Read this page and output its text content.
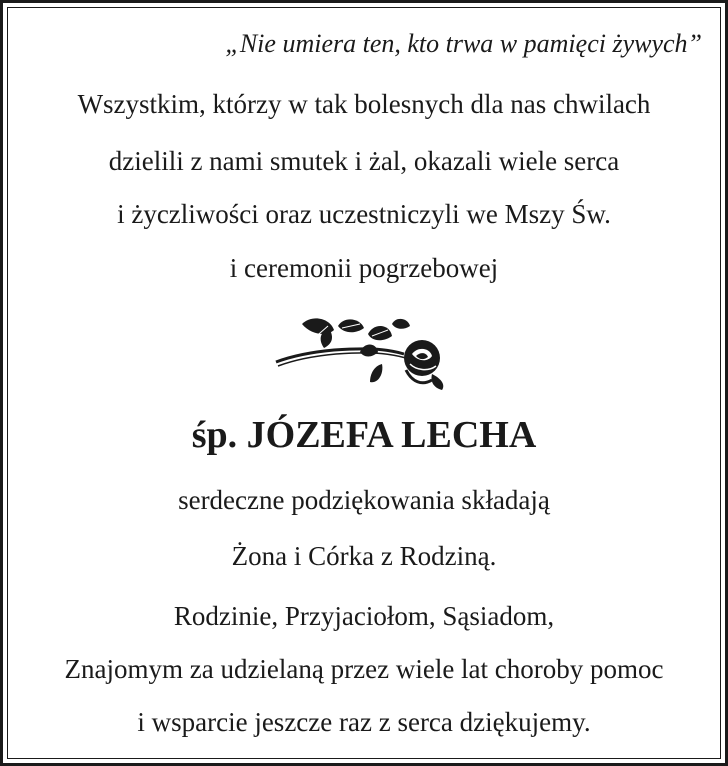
„Nie umiera ten, kto trwa w pamięci żywych”
Wszystkim, którzy w tak bolesnych dla nas chwilach
dzielili z nami smutek i żal, okazali wiele serca
i życzliwości oraz uczestniczyli we Mszy Św.
i ceremonii pogrzebowej
śp. JÓZEFA LECHA
serdeczne podziękowania składają
Żona i Córka z Rodziną.
Rodzinie, Przyjaciołom, Sąsiadom,
Znajomym za udzielaną przez wiele lat choroby pomoc
i wsparcie jeszcze raz z serca dziękujemy.
